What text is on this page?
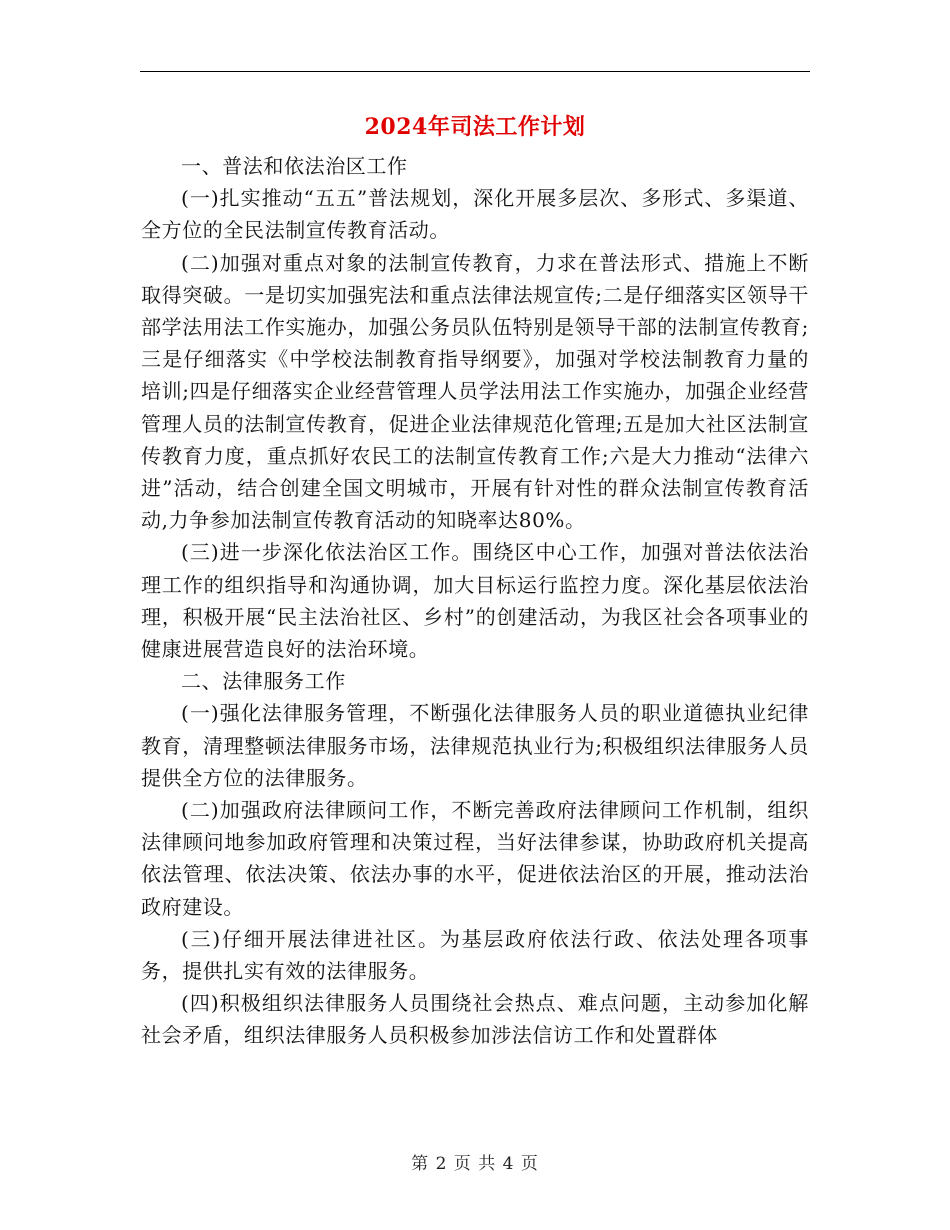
2024年司法工作计划

一、普法和依法治区工作

(一)扎实推动“五五”普法规划，深化开展多层次、多形式、多渠道、全方位的全民法制宣传教育活动。

(二)加强对重点对象的法制宣传教育，力求在普法形式、措施上不断取得突破。一是切实加强宪法和重点法律法规宣传;二是仔细落实区领导干部学法用法工作实施办，加强公务员队伍特别是领导干部的法制宣传教育;三是仔细落实《中学校法制教育指导纲要》，加强对学校法制教育力量的培训;四是仔细落实企业经营管理人员学法用法工作实施办，加强企业经营管理人员的法制宣传教育，促进企业法律规范化管理;五是加大社区法制宣传教育力度，重点抓好农民工的法制宣传教育工作;六是大力推动“法律六进”活动，结合创建全国文明城市，开展有针对性的群众法制宣传教育活动,力争参加法制宣传教育活动的知晓率达80%。

(三)进一步深化依法治区工作。围绕区中心工作，加强对普法依法治理工作的组织指导和沟通协调，加大目标运行监控力度。深化基层依法治理，积极开展“民主法治社区、乡村”的创建活动，为我区社会各项事业的健康进展营造良好的法治环境。

二、法律服务工作

(一)强化法律服务管理，不断强化法律服务人员的职业道德执业纪律教育，清理整顿法律服务市场，法律规范执业行为;积极组织法律服务人员提供全方位的法律服务。

(二)加强政府法律顾问工作，不断完善政府法律顾问工作机制，组织法律顾问地参加政府管理和决策过程，当好法律参谋，协助政府机关提高依法管理、依法决策、依法办事的水平，促进依法治区的开展，推动法治政府建设。

(三)仔细开展法律进社区。为基层政府依法行政、依法处理各项事务，提供扎实有效的法律服务。

(四)积极组织法律服务人员围绕社会热点、难点问题，主动参加化解社会矛盾，组织法律服务人员积极参加涉法信访工作和处置群体

第 2 页 共 4 页
